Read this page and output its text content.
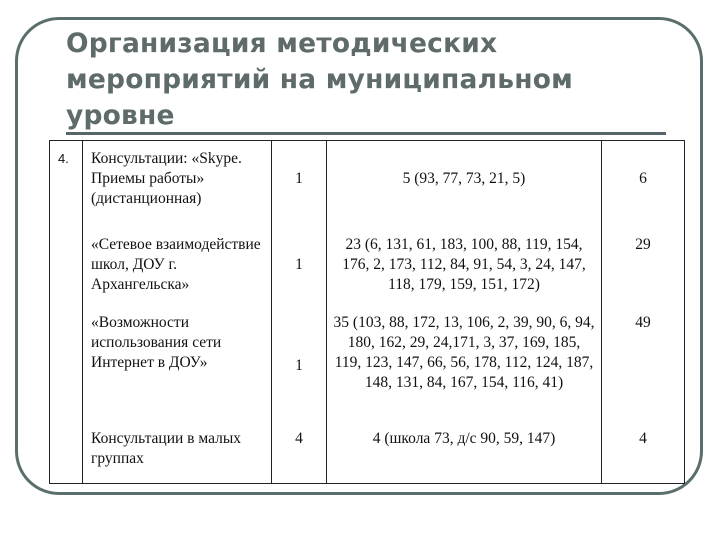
Организация методических мероприятий на муниципальном уровне
4.	Консультации: «Skype. Приемы работы» (дистанционная)	1	5 (93, 77, 73, 21, 5)	6

	«Сетевое взаимодействие школ, ДОУ г. Архангельска»	1	23 (6, 131, 61, 183, 100, 88, 119, 154, 176, 2, 173, 112, 84, 91, 54, 3, 24, 147, 118, 179, 159, 151, 172)	29

	«Возможности использования сети Интернет в ДОУ»	1	35 (103, 88, 172, 13, 106, 2, 39, 90, 6, 94, 180, 162, 29, 24,171, 3, 37, 169, 185, 119, 123, 147, 66, 56, 178, 112, 124, 187, 148, 131, 84, 167, 154, 116, 41)	49

	Консультации в малых группах	4	4 (школа 73, д/с 90, 59, 147)	4
